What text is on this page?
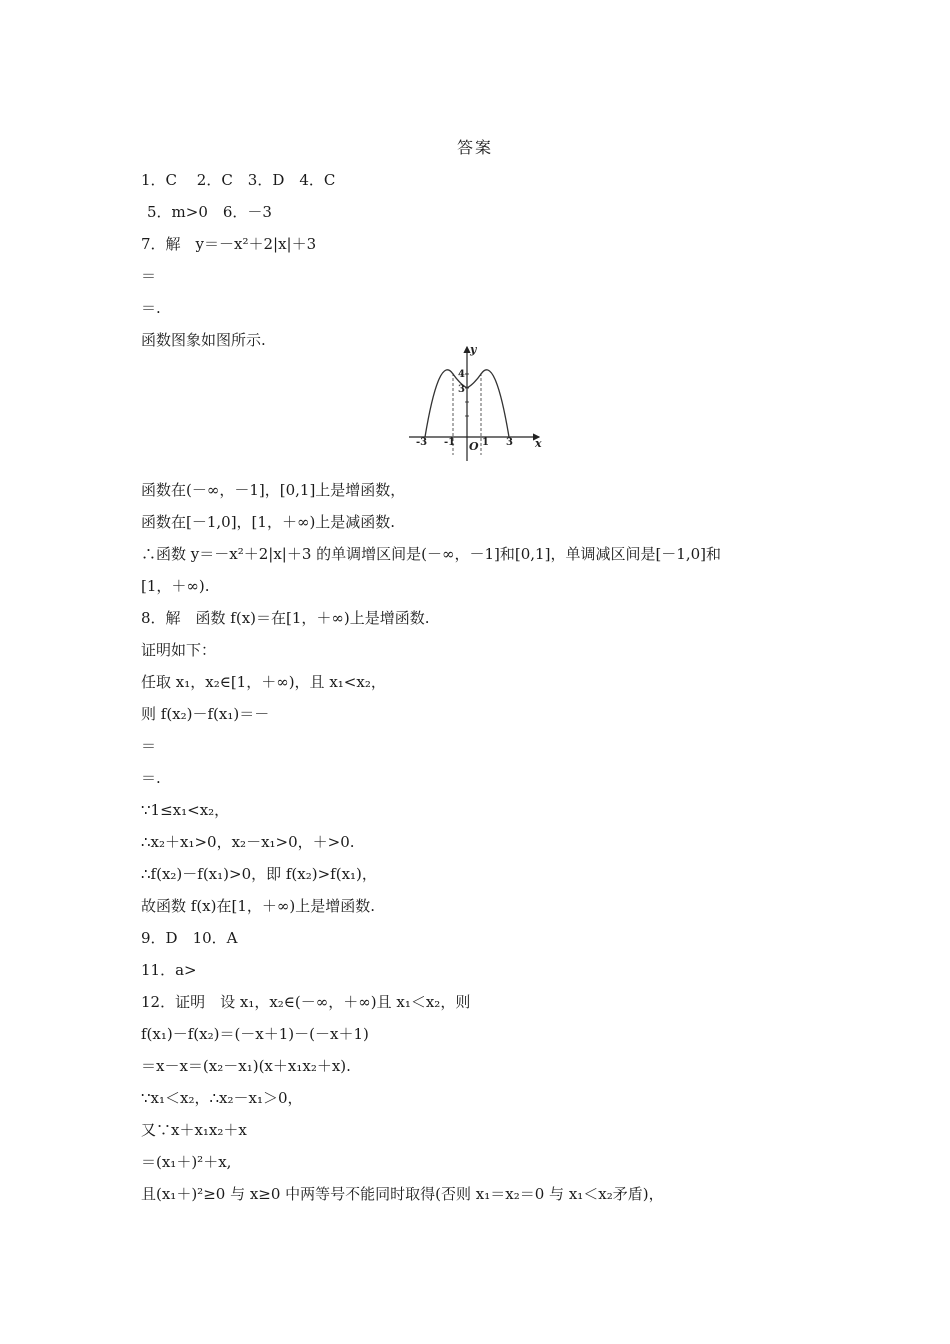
答案
1．C　 2．C　3．D　4．C
5．m>0　6．－3
7．解　y＝－x²＋2|x|＋3
＝
＝.
函数图象如图所示.
y
x
O
4
3
-3 -1	1 3
函数在(－∞，－1]，[0,1]上是增函数，
函数在[－1,0]，[1，＋∞)上是减函数.
∴函数 y＝－x²＋2|x|＋3 的单调增区间是(－∞，－1]和[0,1]，单调减区间是[－1,0]和
[1，＋∞).
8．解　函数 f(x)＝在[1，＋∞)上是增函数.
证明如下：
任取 x₁，x₂∈[1，＋∞)，且 x₁<x₂，
则 f(x₂)－f(x₁)＝－
＝
＝.
∵1≤x₁<x₂，
∴x₂＋x₁>0，x₂－x₁>0，＋>0.
∴f(x₂)－f(x₁)>0，即 f(x₂)>f(x₁)，
故函数 f(x)在[1，＋∞)上是增函数.
9．D　10．A
11．a>
12．证明　设 x₁，x₂∈(－∞，＋∞)且 x₁＜x₂，则
f(x₁)－f(x₂)＝(－x＋1)－(－x＋1)
＝x－x＝(x₂－x₁)(x＋x₁x₂＋x).
∵x₁＜x₂，∴x₂－x₁＞0，
又∵x＋x₁x₂＋x
＝(x₁＋)²＋x,
且(x₁＋)²≥0 与 x≥0 中两等号不能同时取得(否则 x₁＝x₂＝0 与 x₁＜x₂矛盾)，
